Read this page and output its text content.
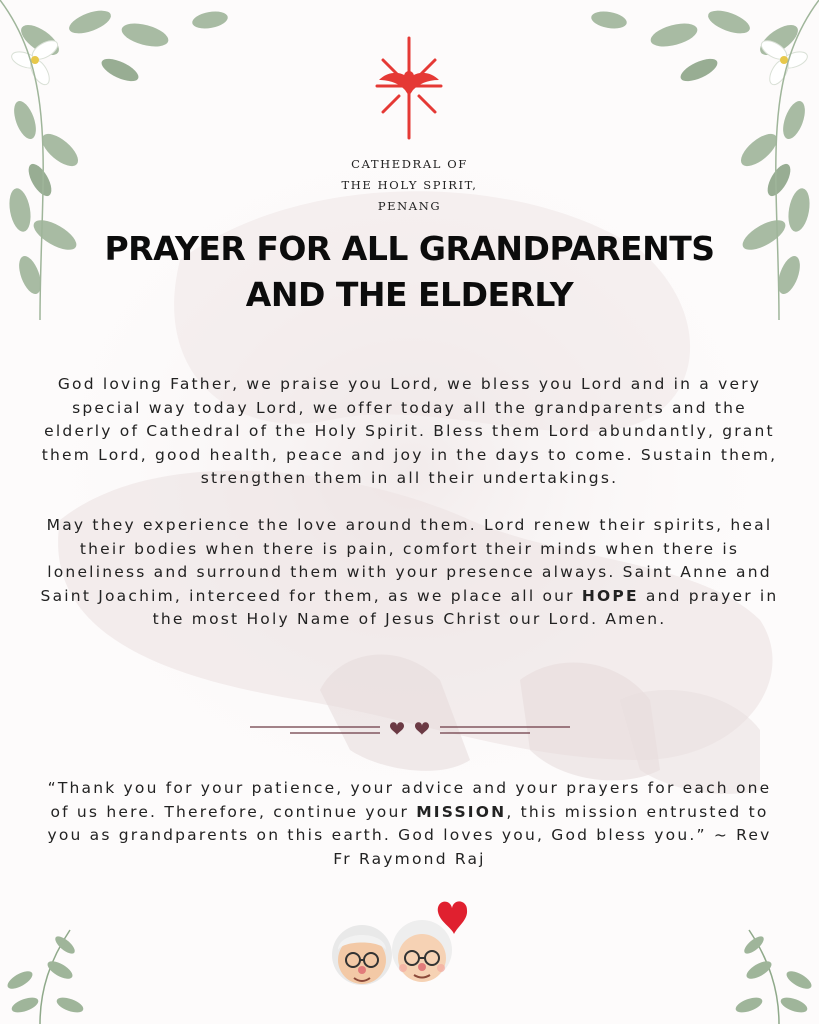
CATHEDRAL OF
THE HOLY SPIRIT,
PENANG
PRAYER FOR ALL GRANDPARENTS
AND THE ELDERLY

God loving Father, we praise you Lord, we bless you Lord and in a very special way today Lord, we offer today all the grandparents and the elderly of Cathedral of the Holy Spirit. Bless them Lord abundantly, grant them Lord, good health, peace and joy in the days to come. Sustain them, strengthen them in all their undertakings.

May they experience the love around them. Lord renew their spirits, heal their bodies when there is pain, comfort their minds when there is loneliness and surround them with your presence always. Saint Anne and Saint Joachim, interceed for them, as we place all our HOPE and prayer in the most Holy Name of Jesus Christ our Lord. Amen.

“Thank you for your patience, your advice and your prayers for each one of us here. Therefore, continue your MISSION, this mission entrusted to you as grandparents on this earth. God loves you, God bless you.” ~ Rev Fr Raymond Raj
